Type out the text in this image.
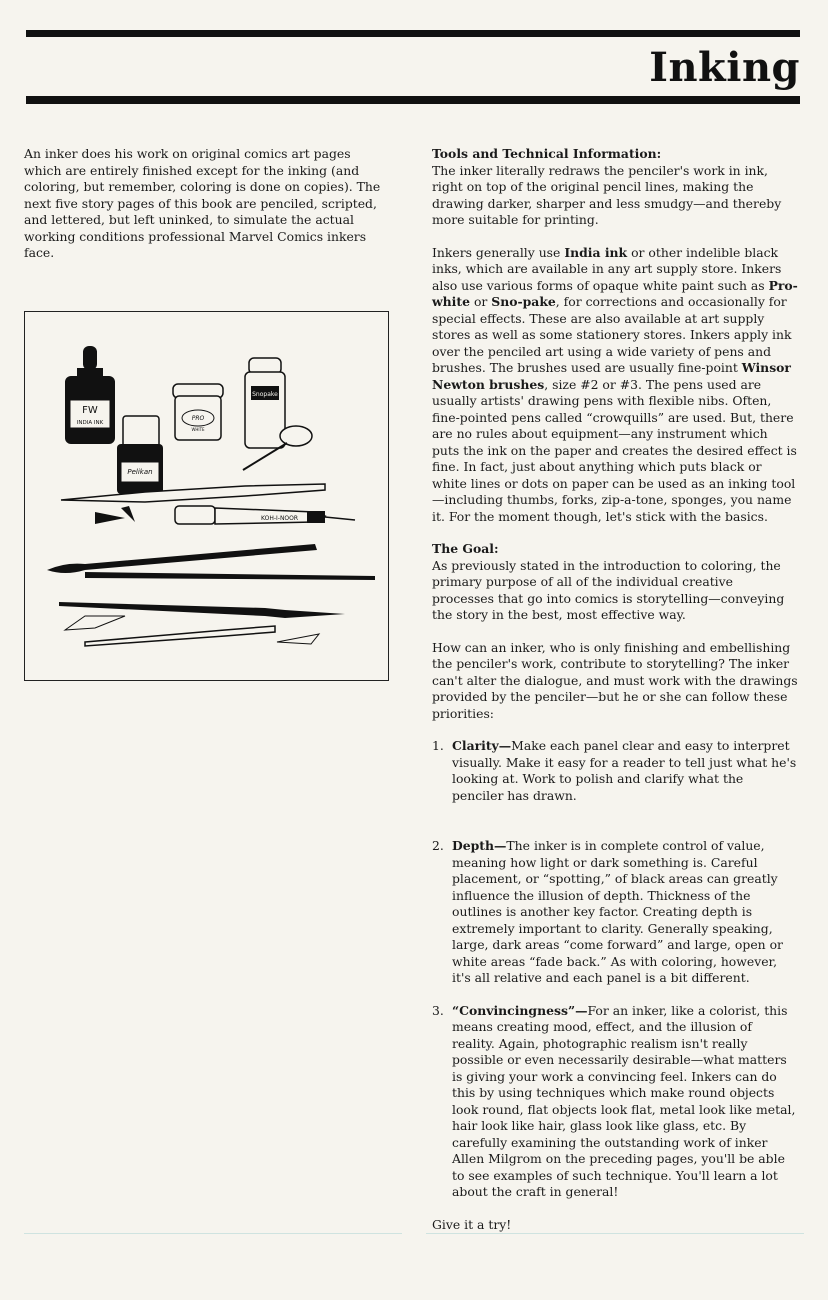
Inking

An inker does his work on original comics art pages which are entirely finished except for the inking (and coloring, but remember, coloring is done on copies). The next five story pages of this book are penciled, scripted, and lettered, but left uninked, to simulate the actual working conditions professional Marvel Comics inkers face.

FW
INDIA INK
Pelikan
PRO
WHITE
Snopake
KOH-I-NOOR
Tools and Technical Information:

The inker literally redraws the penciler's work in ink, right on top of the original pencil lines, making the drawing darker, sharper and less smudgy—and thereby more suitable for printing.

Inkers generally use India ink or other indelible black inks, which are available in any art supply store. Inkers also use various forms of opaque white paint such as Pro-white or Sno-pake, for corrections and occasionally for special effects. These are also available at art supply stores as well as some stationery stores. Inkers apply ink over the penciled art using a wide variety of pens and brushes. The brushes used are usually fine-point Winsor Newton brushes, size #2 or #3. The pens used are usually artists' drawing pens with flexible nibs. Often, fine-pointed pens called “crowquills” are used. But, there are no rules about equipment—any instrument which puts the ink on the paper and creates the desired effect is fine. In fact, just about anything which puts black or white lines or dots on paper can be used as an inking tool—including thumbs, forks, zip-a-tone, sponges, you name it. For the moment though, let's stick with the basics.

The Goal:

As previously stated in the introduction to coloring, the primary purpose of all of the individual creative processes that go into comics is storytelling—conveying the story in the best, most effective way.

How can an inker, who is only finishing and embellishing the penciler's work, contribute to storytelling? The inker can't alter the dialogue, and must work with the drawings provided by the penciler—but he or she can follow these priorities:

1. Clarity—Make each panel clear and easy to interpret visually. Make it easy for a reader to tell just what he's looking at. Work to polish and clarify what the penciler has drawn.
2. Depth—The inker is in complete control of value, meaning how light or dark something is. Careful placement, or “spotting,” of black areas can greatly influence the illusion of depth. Thickness of the outlines is another key factor. Creating depth is extremely important to clarity. Generally speaking, large, dark areas “come forward” and large, open or white areas “fade back.” As with coloring, however, it's all relative and each panel is a bit different.
3. “Convincingness”—For an inker, like a colorist, this means creating mood, effect, and the illusion of reality. Again, photographic realism isn't really possible or even necessarily desirable—what matters is giving your work a convincing feel. Inkers can do this by using techniques which make round objects look round, flat objects look flat, metal look like metal, hair look like hair, glass look like glass, etc. By carefully examining the outstanding work of inker Allen Milgrom on the preceding pages, you'll be able to see examples of such technique. You'll learn a lot about the craft in general!

Give it a try!
